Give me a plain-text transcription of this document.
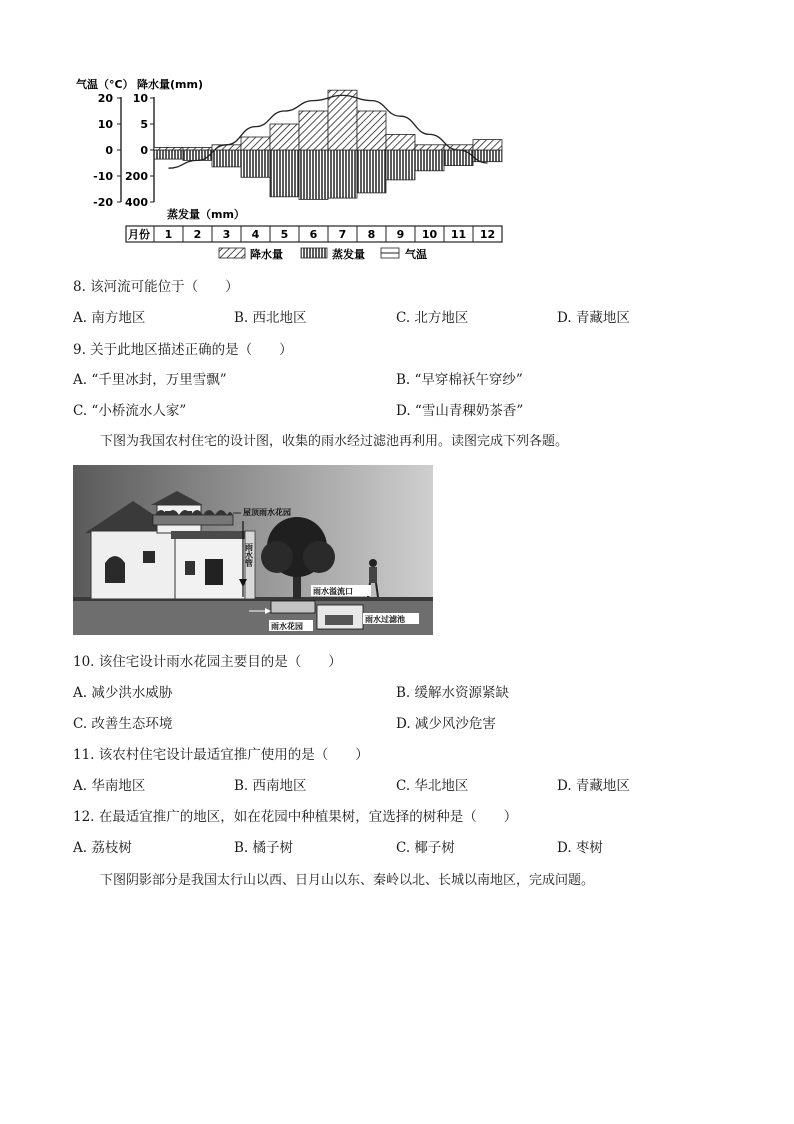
气温（°C） 降水量(mm)
20
10
0
-10
-20
10
5
0
200
400
蒸发量（mm）
月份 1 2 3 4 5 6 7 8 9 10 11 12
降水量	蒸发量	气温
8. 该河流可能位于（　　）
A. 南方地区	B. 西北地区	C. 北方地区	D. 青藏地区
9. 关于此地区描述正确的是（　　）
A. “千里冰封，万里雪飘”	B. “早穿棉袄午穿纱”
C. “小桥流水人家”	D. “雪山青稞奶茶香”
下图为我国农村住宅的设计图，收集的雨水经过滤池再利用。读图完成下列各题。
屋顶雨水花园
雨水管
雨水溢流口
雨水花园
雨水过滤池
10. 该住宅设计雨水花园主要目的是（　　）
A. 减少洪水威胁	B. 缓解水资源紧缺
C. 改善生态环境	D. 减少风沙危害
11. 该农村住宅设计最适宜推广使用的是（　　）
A. 华南地区	B. 西南地区	C. 华北地区	D. 青藏地区
12. 在最适宜推广的地区，如在花园中种植果树，宜选择的树种是（　　）
A. 荔枝树	B. 橘子树	C. 椰子树	D. 枣树
下图阴影部分是我国太行山以西、日月山以东、秦岭以北、长城以南地区，完成问题。
